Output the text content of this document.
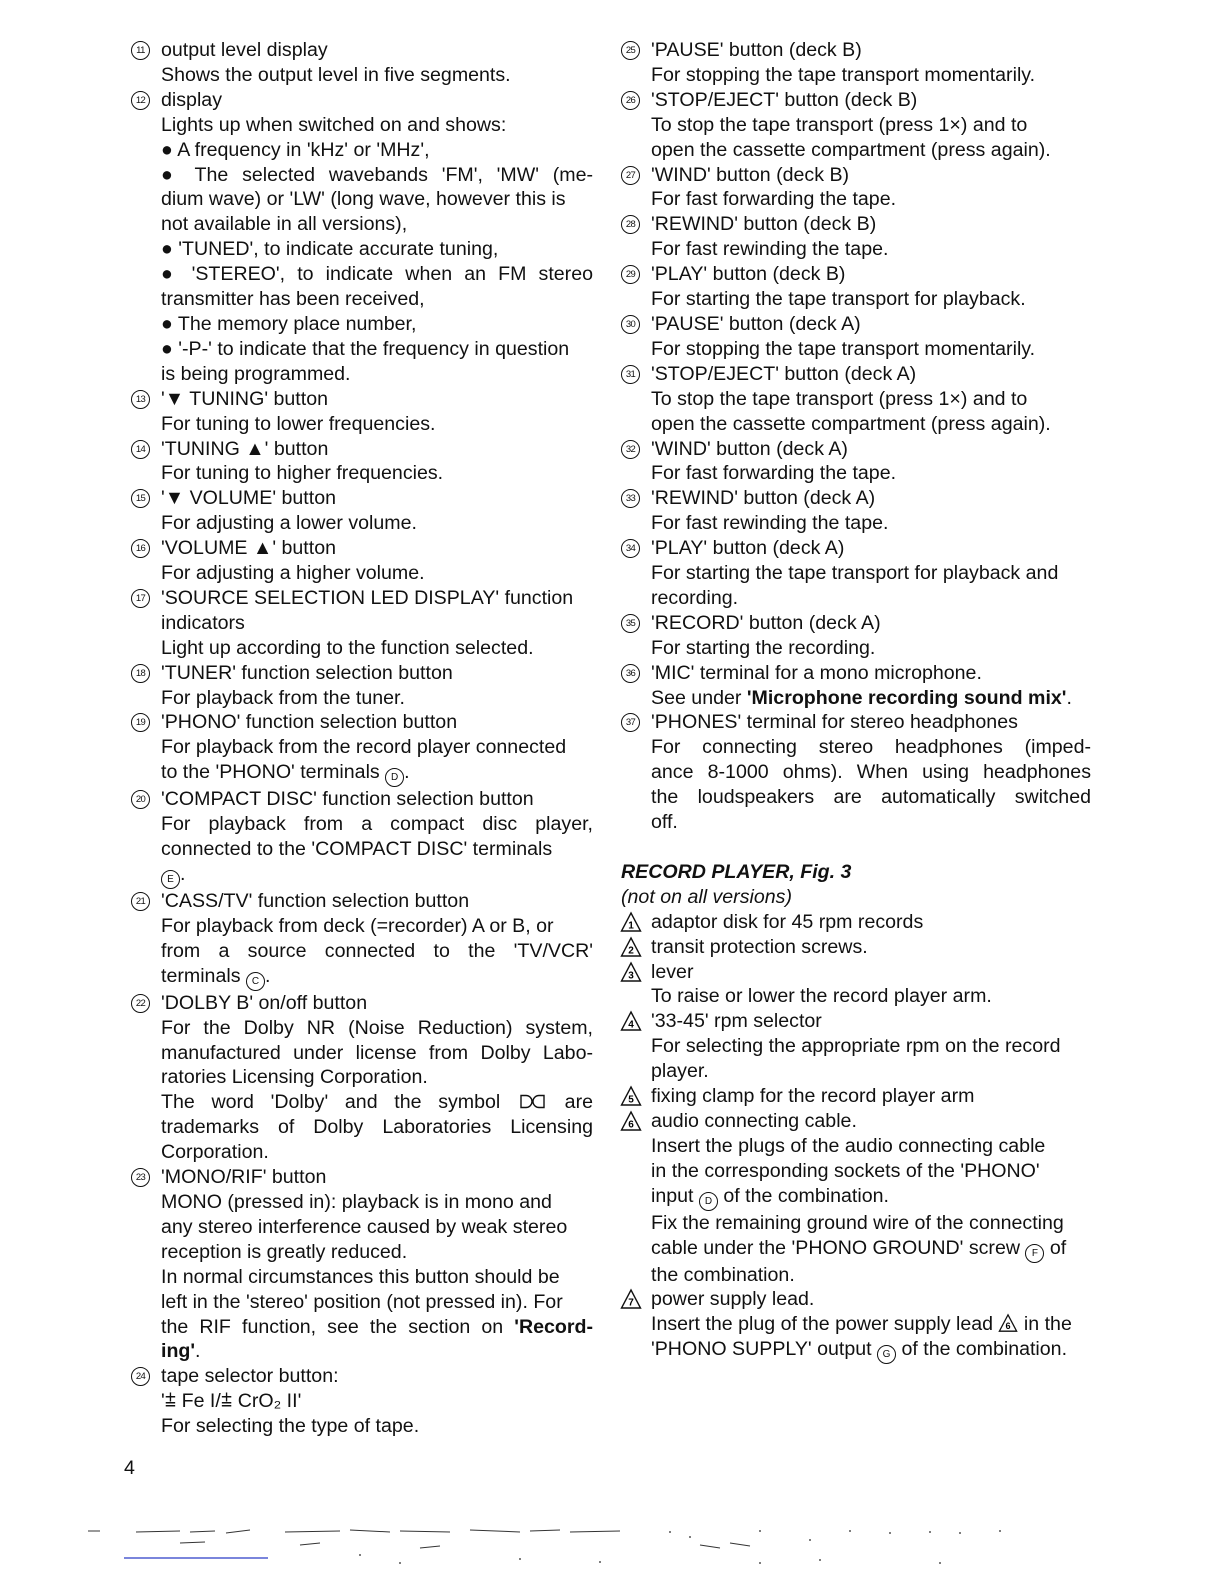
11 output level display
Shows the output level in five segments.
12 display
Lights up when switched on and shows:
● A frequency in 'kHz' or 'MHz',
● The selected wavebands 'FM', 'MW' (me-
dium wave) or 'LW' (long wave, however this is
not available in all versions),
● 'TUNED', to indicate accurate tuning,
● 'STEREO', to indicate when an FM stereo
transmitter has been received,
● The memory place number,
● '-P-' to indicate that the frequency in question
is being programmed.
13 '▼ TUNING' button
For tuning to lower frequencies.
14 'TUNING ▲' button
For tuning to higher frequencies.
15 '▼ VOLUME' button
For adjusting a lower volume.
16 'VOLUME ▲' button
For adjusting a higher volume.
17 'SOURCE SELECTION LED DISPLAY' function
indicators
Light up according to the function selected.
18 'TUNER' function selection button
For playback from the tuner.
19 'PHONO' function selection button
For playback from the record player connected
to the 'PHONO' terminals D .
20 'COMPACT DISC' function selection button
For playback from a compact disc player,
connected to the 'COMPACT DISC' terminals
E .
21 'CASS/TV' function selection button
For playback from deck (=recorder) A or B, or
from a source connected to the 'TV/VCR'
terminals C .
22 'DOLBY B' on/off button
For the Dolby NR (Noise Reduction) system,
manufactured under license from Dolby Labo-
ratories Licensing Corporation.
The word 'Dolby' and the symbol  are
trademarks of Dolby Laboratories Licensing
Corporation.
23 'MONO/RIF' button
MONO (pressed in): playback is in mono and
any stereo interference caused by weak stereo
reception is greatly reduced.
In normal circumstances this button should be
left in the 'stereo' position (not pressed in). For
the RIF function, see the section on 'Record-
ing'.
24 tape selector button:
'⩲ Fe I/⩲ CrO₂ II'
For selecting the type of tape.
25 'PAUSE' button (deck B)
For stopping the tape transport momentarily.
26 'STOP/EJECT' button (deck B)
To stop the tape transport (press 1×) and to
open the cassette compartment (press again).
27 'WIND' button (deck B)
For fast forwarding the tape.
28 'REWIND' button (deck B)
For fast rewinding the tape.
29 'PLAY' button (deck B)
For starting the tape transport for playback.
30 'PAUSE' button (deck A)
For stopping the tape transport momentarily.
31 'STOP/EJECT' button (deck A)
To stop the tape transport (press 1×) and to
open the cassette compartment (press again).
32 'WIND' button (deck A)
For fast forwarding the tape.
33 'REWIND' button (deck A)
For fast rewinding the tape.
34 'PLAY' button (deck A)
For starting the tape transport for playback and
recording.
35 'RECORD' button (deck A)
For starting the recording.
36 'MIC' terminal for a mono microphone.
See under 'Microphone recording sound mix'.
37 'PHONES' terminal for stereo headphones
For connecting stereo headphones (imped-
ance 8-1000 ohms). When using headphones
the loudspeakers are automatically switched
off.
RECORD PLAYER, Fig. 3
(not on all versions)
1 adaptor disk for 45 rpm records
2 transit protection screws.
3 lever
To raise or lower the record player arm.
4 '33-45' rpm selector
For selecting the appropriate rpm on the record
player.
5 fixing clamp for the record player arm
6 audio connecting cable.
Insert the plugs of the audio connecting cable
in the corresponding sockets of the 'PHONO'
input D of the combination.
Fix the remaining ground wire of the connecting
cable under the 'PHONO GROUND' screw F of
the combination.
7 power supply lead.
Insert the plug of the power supply lead 6 in the
'PHONO SUPPLY' output G of the combination.
4
